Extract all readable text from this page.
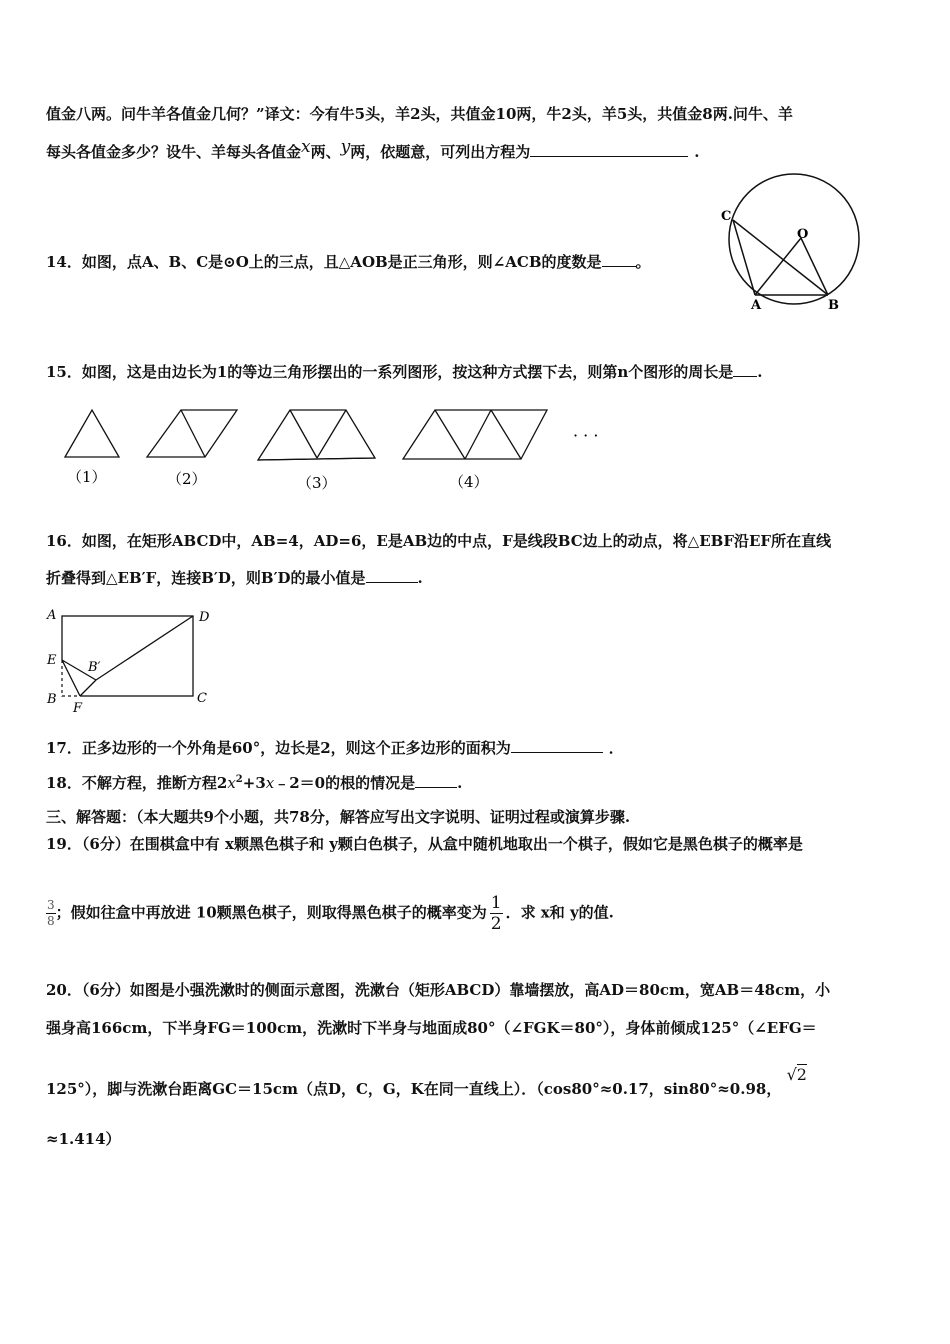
值金八两。问牛羊各值金几何？”译文：今有牛5头，羊2头，共值金10两，牛2头，羊5头，共值金8两.问牛、羊
每头各值金多少？设牛、羊每头各值金x两、y两，依题意，可列出方程为	.
14．如图，点A、B、C是⊙O上的三点，且△AOB是正三角形，则∠ACB的度数是 。
C
O
A	B
15．如图，这是由边长为1的等边三角形摆出的一系列图形，按这种方式摆下去，则第n个图形的周长是 .
（1）	（2）	（3）	（4）
· · ·
16．如图，在矩形ABCD中，AB=4，AD=6，E是AB边的中点，F是线段BC边上的动点，将△EBF沿EF所在直线
折叠得到△EB′F，连接B′D，则B′D的最小值是	.
A	D
E B′
B	C
F
17．正多边形的一个外角是60°，边长是2，则这个正多边形的面积为	．
18．不解方程，推断方程$2x^2+3x﹣2=0$的根的情况是	.
三、解答题：（本大题共9个小题，共78分，解答应写出文字说明、证明过程或演算步骤.
19．（6分）在围棋盒中有 x颗黑色棋子和 y颗白色棋子，从盒中随机地取出一个棋子，假如它是黑色棋子的概率是
$\frac{3}{8}$ ；假如往盒中再放进 10颗黑色棋子，则取得黑色棋子的概率变为 $\frac{1}{2}$ ．求 x和 y的值.
20．（6分）如图是小强洗漱时的侧面示意图，洗漱台（矩形ABCD）靠墙摆放，高AD＝80cm，宽AB＝48cm，小
强身高166cm，下半身FG＝100cm，洗漱时下半身与地面成80°（∠FGK＝80°），身体前倾成125°（∠EFG＝
125°），脚与洗漱台距离GC＝15cm（点D，C，G，K在同一直线上）．（cos80°≈0.17，sin80°≈0.98， √2
≈1.414）
